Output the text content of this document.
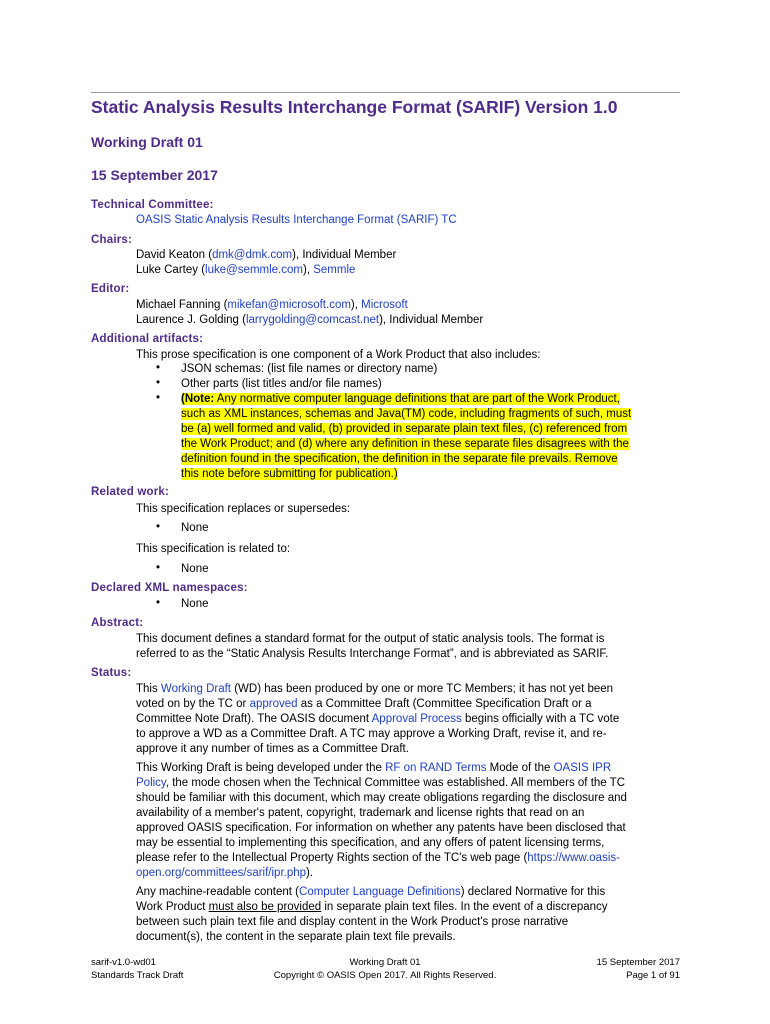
Static Analysis Results Interchange Format (SARIF) Version 1.0
Working Draft 01
15 September 2017
Technical Committee:
OASIS Static Analysis Results Interchange Format (SARIF) TC
Chairs:
David Keaton (dmk@dmk.com), Individual Member
Luke Cartey (luke@semmle.com), Semmle
Editor:
Michael Fanning (mikefan@microsoft.com), Microsoft
Laurence J. Golding (larrygolding@comcast.net), Individual Member
Additional artifacts:
This prose specification is one component of a Work Product that also includes:
• JSON schemas: (list file names or directory name)
• Other parts (list titles and/or file names)
• (Note: Any normative computer language definitions that are part of the Work Product,
such as XML instances, schemas and Java(TM) code, including fragments of such, must
be (a) well formed and valid, (b) provided in separate plain text files, (c) referenced from
the Work Product; and (d) where any definition in these separate files disagrees with the
definition found in the specification, the definition in the separate file prevails. Remove
this note before submitting for publication.)
Related work:
This specification replaces or supersedes:
• None
This specification is related to:
• None
Declared XML namespaces:
• None
Abstract:
This document defines a standard format for the output of static analysis tools. The format is
referred to as the “Static Analysis Results Interchange Format”, and is abbreviated as SARIF.
Status:
This Working Draft (WD) has been produced by one or more TC Members; it has not yet been
voted on by the TC or approved as a Committee Draft (Committee Specification Draft or a
Committee Note Draft). The OASIS document Approval Process begins officially with a TC vote
to approve a WD as a Committee Draft. A TC may approve a Working Draft, revise it, and re-
approve it any number of times as a Committee Draft.
This Working Draft is being developed under the RF on RAND Terms Mode of the OASIS IPR
Policy, the mode chosen when the Technical Committee was established. All members of the TC
should be familiar with this document, which may create obligations regarding the disclosure and
availability of a member's patent, copyright, trademark and license rights that read on an
approved OASIS specification. For information on whether any patents have been disclosed that
may be essential to implementing this specification, and any offers of patent licensing terms,
please refer to the Intellectual Property Rights section of the TC's web page (https://www.oasis-
open.org/committees/sarif/ipr.php).
Any machine-readable content (Computer Language Definitions) declared Normative for this
Work Product must also be provided in separate plain text files. In the event of a discrepancy
between such plain text file and display content in the Work Product's prose narrative
document(s), the content in the separate plain text file prevails.
sarif-v1.0-wd01
Standards Track Draft
Working Draft 01
Copyright © OASIS Open 2017. All Rights Reserved.
15 September 2017
Page 1 of 91
